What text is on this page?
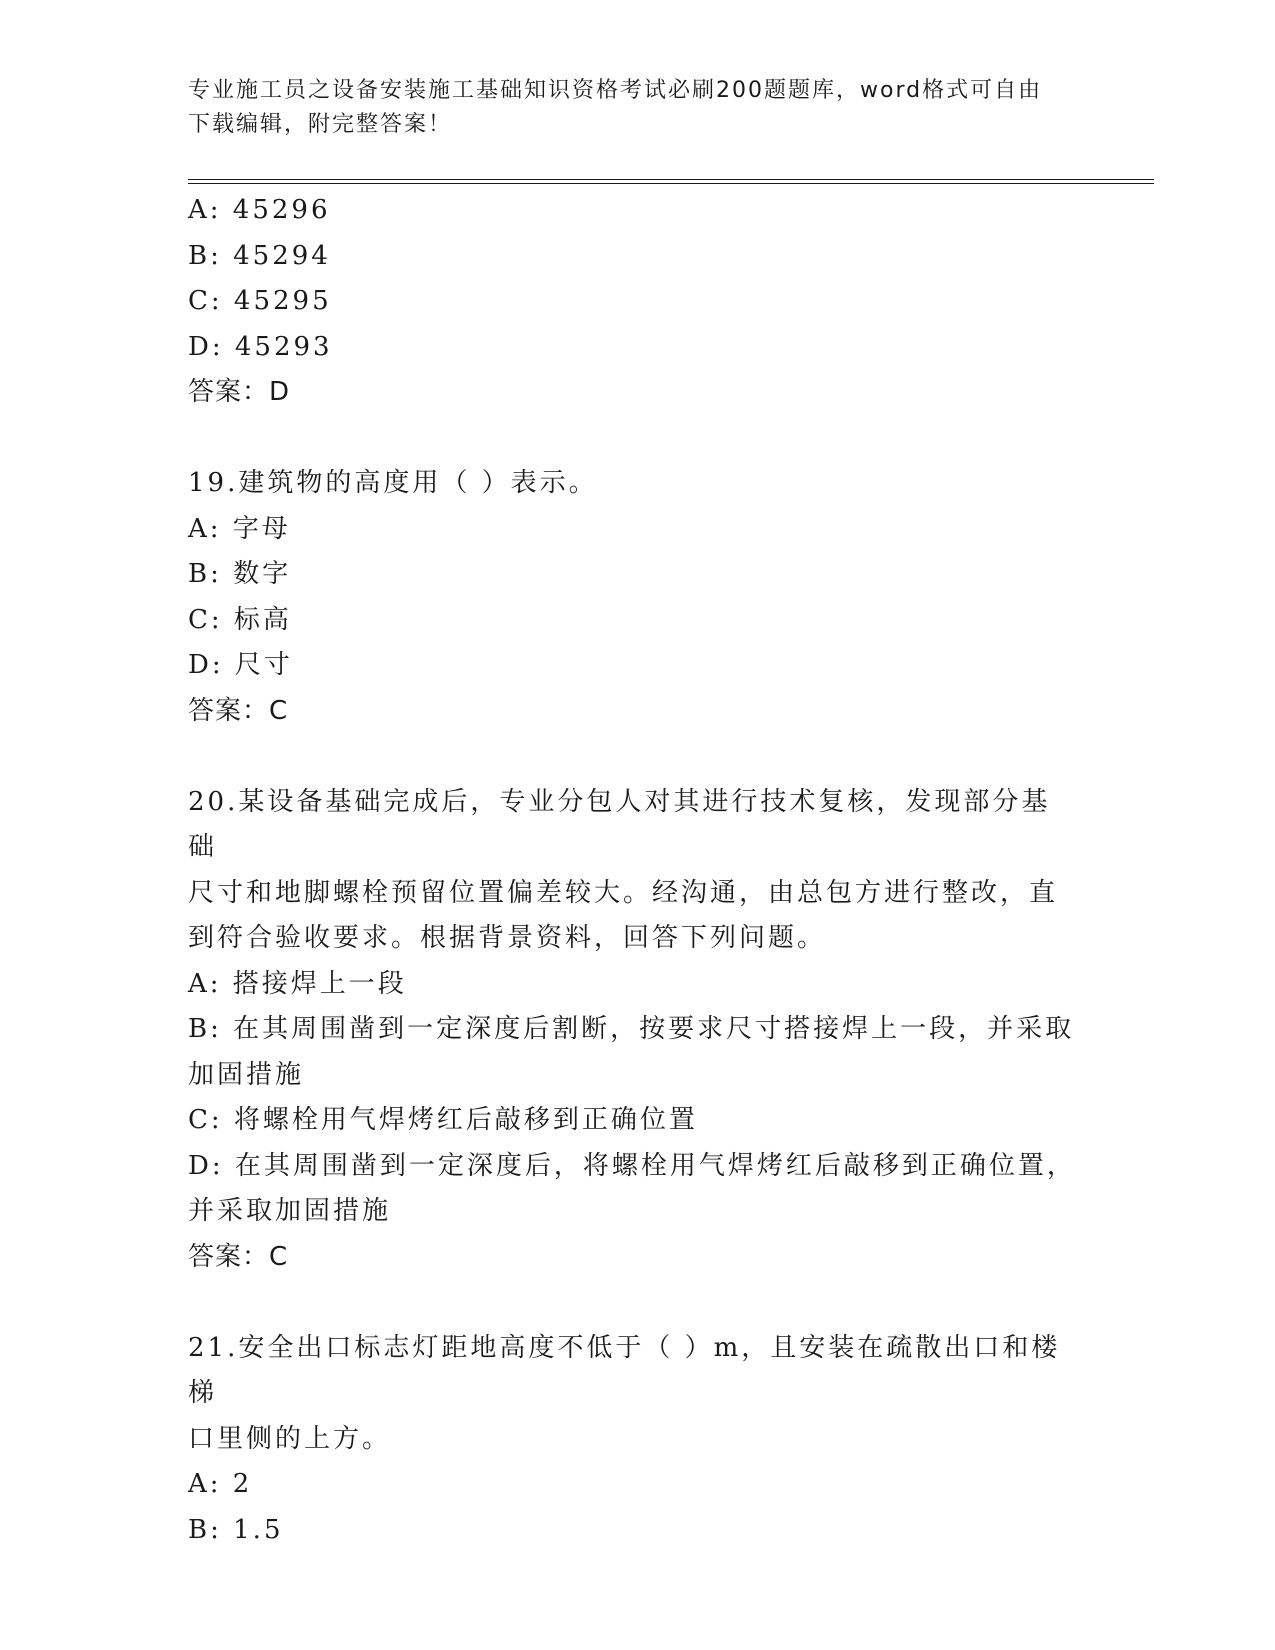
专业施工员之设备安装施工基础知识资格考试必刷200题题库，word格式可自由
下载编辑，附完整答案！
A: 45296
B: 45294
C: 45295
D: 45293
答案：D
19.建筑物的高度用（ ）表示。
A: 字母
B: 数字
C: 标高
D: 尺寸
答案：C
20.某设备基础完成后，专业分包人对其进行技术复核，发现部分基础
尺寸和地脚螺栓预留位置偏差较大。经沟通，由总包方进行整改，直
到符合验收要求。根据背景资料，回答下列问题。
A: 搭接焊上一段
B: 在其周围凿到一定深度后割断，按要求尺寸搭接焊上一段，并采取
加固措施
C: 将螺栓用气焊烤红后敲移到正确位置
D: 在其周围凿到一定深度后，将螺栓用气焊烤红后敲移到正确位置，
并采取加固措施
答案：C
21.安全出口标志灯距地高度不低于（ ）m，且安装在疏散出口和楼梯
口里侧的上方。
A: 2
B: 1.5
